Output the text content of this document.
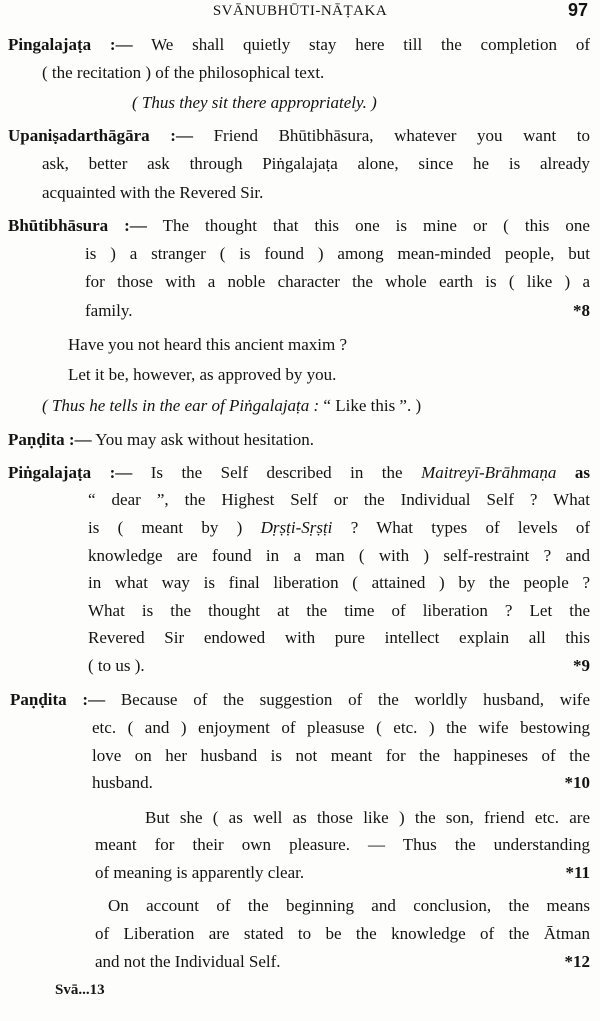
SVĀNUBHŪTI-NĀṬAKA	97
Pingalajaṭa :— We shall quietly stay here till the completion of
( the recitation ) of the philosophical text.
( Thus they sit there appropriately. )
Upaniṣadarthāgāra :— Friend Bhūtibhāsura, whatever you want to
ask, better ask through Piṅgalajaṭa alone, since he is already
acquainted with the Revered Sir.
Bhūtibhāsura :— The thought that this one is mine or ( this one
is ) a stranger ( is found ) among mean-minded people, but
for those with a noble character the whole earth is ( like ) a
family.	*8
Have you not heard this ancient maxim ?
Let it be, however, as approved by you.
( Thus he tells in the ear of Piṅgalajaṭa : “ Like this ”. )
Paṇḍita :— You may ask without hesitation.
Piṅgalajaṭa :— Is the Self described in the Maitreyī-Brāhmaṇa as
“ dear ”, the Highest Self or the Individual Self ? What
is ( meant by ) Dṛṣṭi-Sṛṣṭi ? What types of levels of
knowledge are found in a man ( with ) self-restraint ? and
in what way is final liberation ( attained ) by the people ?
What is the thought at the time of liberation ? Let the
Revered Sir endowed with pure intellect explain all this
( to us ).	*9
Paṇḍita :— Because of the suggestion of the worldly husband, wife
etc. ( and ) enjoyment of pleasuse ( etc. ) the wife bestowing
love on her husband is not meant for the happineses of the
husband.	*10
But she ( as well as those like ) the son, friend etc. are
meant for their own pleasure. — Thus the understanding
of meaning is apparently clear.	*11
On account of the beginning and conclusion, the means
of Liberation are stated to be the knowledge of the Ātman
and not the Individual Self.	*12
Svā...13
